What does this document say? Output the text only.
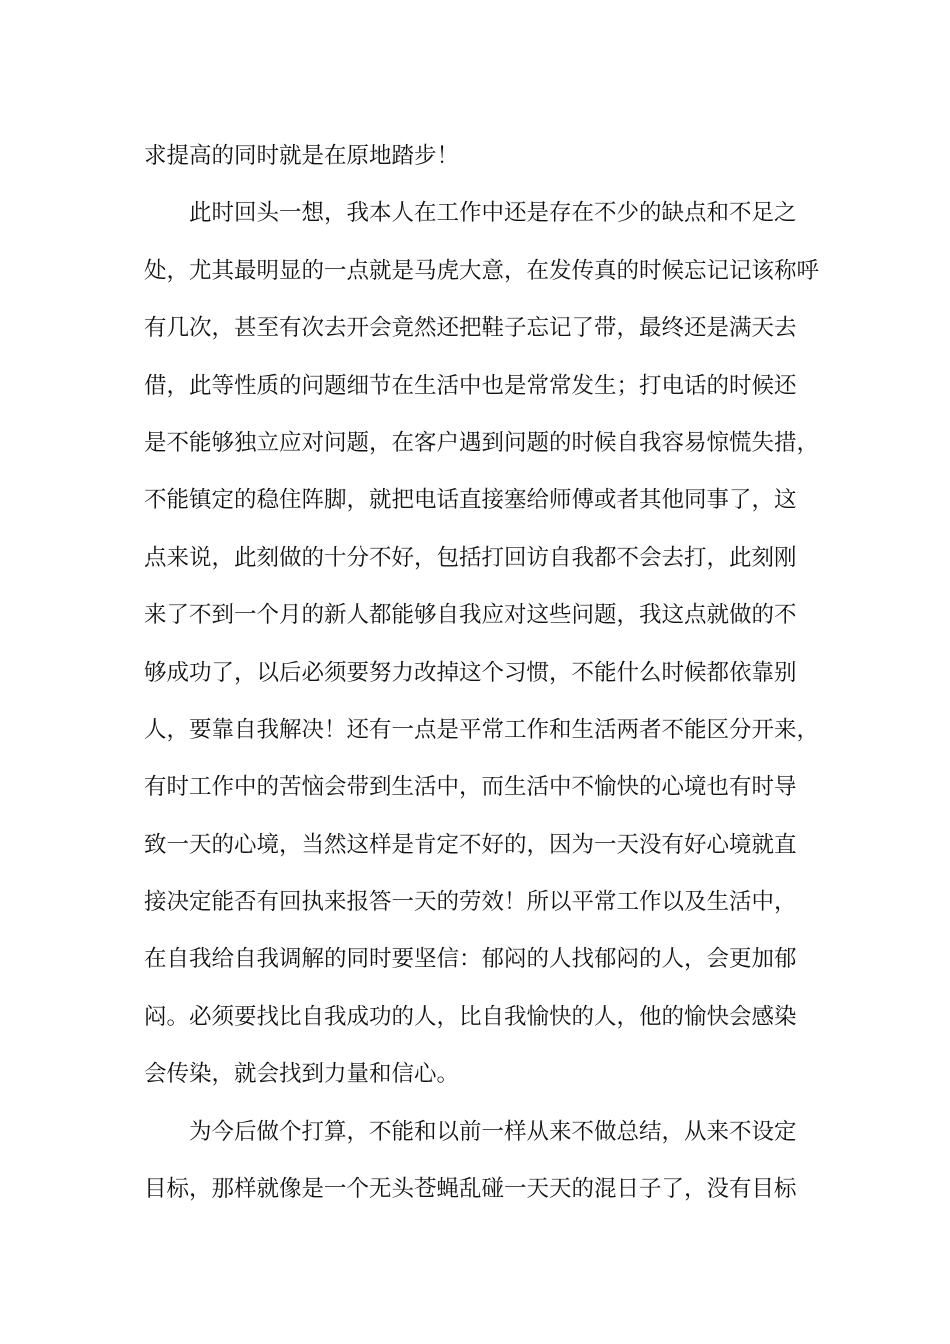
求提高的同时就是在原地踏步！
　　此时回头一想，我本人在工作中还是存在不少的缺点和不足之
处，尤其最明显的一点就是马虎大意，在发传真的时候忘记记该称呼
有几次，甚至有次去开会竟然还把鞋子忘记了带，最终还是满天去
借，此等性质的问题细节在生活中也是常常发生；打电话的时候还
是不能够独立应对问题，在客户遇到问题的时候自我容易惊慌失措，
不能镇定的稳住阵脚，就把电话直接塞给师傅或者其他同事了，这
点来说，此刻做的十分不好，包括打回访自我都不会去打，此刻刚
来了不到一个月的新人都能够自我应对这些问题，我这点就做的不
够成功了，以后必须要努力改掉这个习惯，不能什么时候都依靠别
人，要靠自我解决！还有一点是平常工作和生活两者不能区分开来，
有时工作中的苦恼会带到生活中，而生活中不愉快的心境也有时导
致一天的心境，当然这样是肯定不好的，因为一天没有好心境就直
接决定能否有回执来报答一天的劳效！所以平常工作以及生活中，
在自我给自我调解的同时要坚信：郁闷的人找郁闷的人，会更加郁
闷。必须要找比自我成功的人，比自我愉快的人，他的愉快会感染
会传染，就会找到力量和信心。
　　为今后做个打算，不能和以前一样从来不做总结，从来不设定
目标，那样就像是一个无头苍蝇乱碰一天天的混日子了，没有目标
